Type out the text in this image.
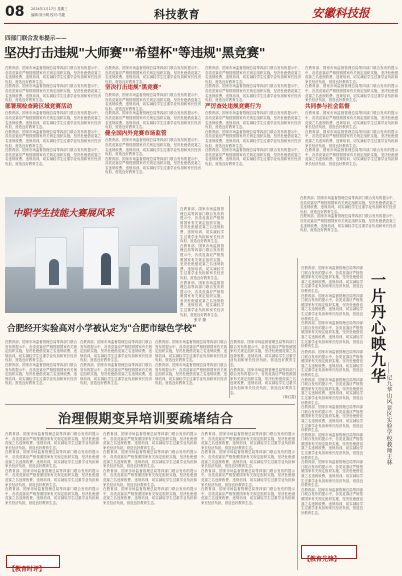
08 2024年1月17日 星期三
编辑:刘小明 校对:马婕	科技教育	安徽科技报
四部门联合发布提示——
坚决打击违规"大师赛""希望杯"等违规"黑竞赛"

在教育部、国家市场监督管理总局等四部门联合发布的提示中，各类竞赛应严格按照国家有关规定组织实施，坚决杜绝借竞赛之名违规收费、违规培训，切实减轻学生过重学业负担和家长经济负担，营造良好教育生态。

在教育部、国家市场监督管理总局等四部门联合发布的提示中，各类竞赛应严格按照国家有关规定组织实施，坚决杜绝借竞赛之名违规收费、违规培训，切实减轻学生过重学业负担和家长经济负担，营造良好教育生态。

部署现检查跨区域竞赛活动

在教育部、国家市场监督管理总局等四部门联合发布的提示中，各类竞赛应严格按照国家有关规定组织实施，坚决杜绝借竞赛之名违规收费、违规培训，切实减轻学生过重学业负担和家长经济负担，营造良好教育生态。

在教育部、国家市场监督管理总局等四部门联合发布的提示中，各类竞赛应严格按照国家有关规定组织实施，坚决杜绝借竞赛之名违规收费、违规培训，切实减轻学生过重学业负担和家长经济负担，营造良好教育生态。

在教育部、国家市场监督管理总局等四部门联合发布的提示中，各类竞赛应严格按照国家有关规定组织实施，坚决杜绝借竞赛之名违规收费、违规培训，切实减轻学生过重学业负担和家长经济负担，营造良好教育生态。

在教育部、国家市场监督管理总局等四部门联合发布的提示中，各类竞赛应严格按照国家有关规定组织实施，坚决杜绝借竞赛之名违规收费、违规培训，切实减轻学生过重学业负担和家长经济负担，营造良好教育生态。

坚决打击违规"黑竞赛"

在教育部、国家市场监督管理总局等四部门联合发布的提示中，各类竞赛应严格按照国家有关规定组织实施，坚决杜绝借竞赛之名违规收费、违规培训，切实减轻学生过重学业负担和家长经济负担，营造良好教育生态。

在教育部、国家市场监督管理总局等四部门联合发布的提示中，各类竞赛应严格按照国家有关规定组织实施，坚决杜绝借竞赛之名违规收费、违规培训，切实减轻学生过重学业负担和家长经济负担，营造良好教育生态。

健全国内外竞赛市场监管

在教育部、国家市场监督管理总局等四部门联合发布的提示中，各类竞赛应严格按照国家有关规定组织实施，坚决杜绝借竞赛之名违规收费、违规培训，切实减轻学生过重学业负担和家长经济负担，营造良好教育生态。

在教育部、国家市场监督管理总局等四部门联合发布的提示中，各类竞赛应严格按照国家有关规定组织实施，坚决杜绝借竞赛之名违规收费、违规培训，切实减轻学生过重学业负担和家长经济负担，营造良好教育生态。

在教育部、国家市场监督管理总局等四部门联合发布的提示中，各类竞赛应严格按照国家有关规定组织实施，坚决杜绝借竞赛之名违规收费、违规培训，切实减轻学生过重学业负担和家长经济负担，营造良好教育生态。

在教育部、国家市场监督管理总局等四部门联合发布的提示中，各类竞赛应严格按照国家有关规定组织实施，坚决杜绝借竞赛之名违规收费、违规培训，切实减轻学生过重学业负担和家长经济负担，营造良好教育生态。

严厉查处违规竞赛行为

在教育部、国家市场监督管理总局等四部门联合发布的提示中，各类竞赛应严格按照国家有关规定组织实施，坚决杜绝借竞赛之名违规收费、违规培训，切实减轻学生过重学业负担和家长经济负担，营造良好教育生态。

在教育部、国家市场监督管理总局等四部门联合发布的提示中，各类竞赛应严格按照国家有关规定组织实施，坚决杜绝借竞赛之名违规收费、违规培训，切实减轻学生过重学业负担和家长经济负担，营造良好教育生态。

在教育部、国家市场监督管理总局等四部门联合发布的提示中，各类竞赛应严格按照国家有关规定组织实施，坚决杜绝借竞赛之名违规收费、违规培训，切实减轻学生过重学业负担和家长经济负担，营造良好教育生态。

在教育部、国家市场监督管理总局等四部门联合发布的提示中，各类竞赛应严格按照国家有关规定组织实施，坚决杜绝借竞赛之名违规收费、违规培训，切实减轻学生过重学业负担和家长经济负担，营造良好教育生态。

在教育部、国家市场监督管理总局等四部门联合发布的提示中，各类竞赛应严格按照国家有关规定组织实施，坚决杜绝借竞赛之名违规收费、违规培训，切实减轻学生过重学业负担和家长经济负担，营造良好教育生态。

共同参与社会监督

在教育部、国家市场监督管理总局等四部门联合发布的提示中，各类竞赛应严格按照国家有关规定组织实施，坚决杜绝借竞赛之名违规收费、违规培训，切实减轻学生过重学业负担和家长经济负担，营造良好教育生态。

在教育部、国家市场监督管理总局等四部门联合发布的提示中，各类竞赛应严格按照国家有关规定组织实施，坚决杜绝借竞赛之名违规收费、违规培训，切实减轻学生过重学业负担和家长经济负担，营造良好教育生态。

在教育部、国家市场监督管理总局等四部门联合发布的提示中，各类竞赛应严格按照国家有关规定组织实施，坚决杜绝借竞赛之名违规收费、违规培训，切实减轻学生过重学业负担和家长经济负担，营造良好教育生态。

中职学生技能大赛展风采	在教育部、国家市场监督管理总局等四部门联合发布的提示中，各类竞赛应严格按照国家有关规定组织实施，坚决杜绝借竞赛之名违规收费、违规培训，切实减轻学生过重学业负担和家长经济负担，营造良好教育生态。

在教育部、国家市场监督管理总局等四部门联合发布的提示中，各类竞赛应严格按照国家有关规定组织实施，坚决杜绝借竞赛之名违规收费、违规培训，切实减轻学生过重学业负担和家长经济负担，营造良好教育生态。

在教育部、国家市场监督管理总局等四部门联合发布的提示中，各类竞赛应严格按照国家有关规定组织实施，坚决杜绝借竞赛之名违规收费、违规培训，切实减轻学生过重学业负担和家长经济负担，营造良好教育生态。

张平 摄
合肥经开实验高对小学被认定为"合肥市绿色学校"

在教育部、国家市场监督管理总局等四部门联合发布的提示中，各类竞赛应严格按照国家有关规定组织实施，坚决杜绝借竞赛之名违规收费、违规培训，切实减轻学生过重学业负担和家长经济负担，营造良好教育生态。

在教育部、国家市场监督管理总局等四部门联合发布的提示中，各类竞赛应严格按照国家有关规定组织实施，坚决杜绝借竞赛之名违规收费、违规培训，切实减轻学生过重学业负担和家长经济负担，营造良好教育生态。

在教育部、国家市场监督管理总局等四部门联合发布的提示中，各类竞赛应严格按照国家有关规定组织实施，坚决杜绝借竞赛之名违规收费、违规培训，切实减轻学生过重学业负担和家长经济负担，营造良好教育生态。

在教育部、国家市场监督管理总局等四部门联合发布的提示中，各类竞赛应严格按照国家有关规定组织实施，坚决杜绝借竞赛之名违规收费、违规培训，切实减轻学生过重学业负担和家长经济负担，营造良好教育生态。

在教育部、国家市场监督管理总局等四部门联合发布的提示中，各类竞赛应严格按照国家有关规定组织实施，坚决杜绝借竞赛之名违规收费、违规培训，切实减轻学生过重学业负担和家长经济负担，营造良好教育生态。

在教育部、国家市场监督管理总局等四部门联合发布的提示中，各类竞赛应严格按照国家有关规定组织实施，坚决杜绝借竞赛之名违规收费、违规培训，切实减轻学生过重学业负担和家长经济负担，营造良好教育生态。

在教育部、国家市场监督管理总局等四部门联合发布的提示中，各类竞赛应严格按照国家有关规定组织实施，坚决杜绝借竞赛之名违规收费、违规培训，切实减轻学生过重学业负担和家长经济负担，营造良好教育生态。

在教育部、国家市场监督管理总局等四部门联合发布的提示中，各类竞赛应严格按照国家有关规定组织实施，坚决杜绝借竞赛之名违规收费、违规培训，切实减轻学生过重学业负担和家长经济负担，营造良好教育生态。

(林红霞)

在教育部、国家市场监督管理总局等四部门联合发布的提示中，各类竞赛应严格按照国家有关规定组织实施，坚决杜绝借竞赛之名违规收费、违规培训，切实减轻学生过重学业负担和家长经济负担，营造良好教育生态。

在教育部、国家市场监督管理总局等四部门联合发布的提示中，各类竞赛应严格按照国家有关规定组织实施，坚决杜绝借竞赛之名违规收费、违规培训，切实减轻学生过重学业负担和家长经济负担，营造良好教育生态。

治理假期变异培训要疏堵结合

在教育部、国家市场监督管理总局等四部门联合发布的提示中，各类竞赛应严格按照国家有关规定组织实施，坚决杜绝借竞赛之名违规收费、违规培训，切实减轻学生过重学业负担和家长经济负担，营造良好教育生态。

在教育部、国家市场监督管理总局等四部门联合发布的提示中，各类竞赛应严格按照国家有关规定组织实施，坚决杜绝借竞赛之名违规收费、违规培训，切实减轻学生过重学业负担和家长经济负担，营造良好教育生态。

在教育部、国家市场监督管理总局等四部门联合发布的提示中，各类竞赛应严格按照国家有关规定组织实施，坚决杜绝借竞赛之名违规收费、违规培训，切实减轻学生过重学业负担和家长经济负担，营造良好教育生态。

在教育部、国家市场监督管理总局等四部门联合发布的提示中，各类竞赛应严格按照国家有关规定组织实施，坚决杜绝借竞赛之名违规收费、违规培训，切实减轻学生过重学业负担和家长经济负担，营造良好教育生态。

在教育部、国家市场监督管理总局等四部门联合发布的提示中，各类竞赛应严格按照国家有关规定组织实施，坚决杜绝借竞赛之名违规收费、违规培训，切实减轻学生过重学业负担和家长经济负担，营造良好教育生态。

在教育部、国家市场监督管理总局等四部门联合发布的提示中，各类竞赛应严格按照国家有关规定组织实施，坚决杜绝借竞赛之名违规收费、违规培训，切实减轻学生过重学业负担和家长经济负担，营造良好教育生态。

在教育部、国家市场监督管理总局等四部门联合发布的提示中，各类竞赛应严格按照国家有关规定组织实施，坚决杜绝借竞赛之名违规收费、违规培训，切实减轻学生过重学业负担和家长经济负担，营造良好教育生态。

在教育部、国家市场监督管理总局等四部门联合发布的提示中，各类竞赛应严格按照国家有关规定组织实施，坚决杜绝借竞赛之名违规收费、违规培训，切实减轻学生过重学业负担和家长经济负担，营造良好教育生态。

在教育部、国家市场监督管理总局等四部门联合发布的提示中，各类竞赛应严格按照国家有关规定组织实施，坚决杜绝借竞赛之名违规收费、违规培训，切实减轻学生过重学业负担和家长经济负担，营造良好教育生态。

在教育部、国家市场监督管理总局等四部门联合发布的提示中，各类竞赛应严格按照国家有关规定组织实施，坚决杜绝借竞赛之名违规收费、违规培训，切实减轻学生过重学业负担和家长经济负担，营造良好教育生态。

在教育部、国家市场监督管理总局等四部门联合发布的提示中，各类竞赛应严格按照国家有关规定组织实施，坚决杜绝借竞赛之名违规收费、违规培训，切实减轻学生过重学业负担和家长经济负担，营造良好教育生态。

在教育部、国家市场监督管理总局等四部门联合发布的提示中，各类竞赛应严格按照国家有关规定组织实施，坚决杜绝借竞赛之名违规收费、违规培训，切实减轻学生过重学业负担和家长经济负担，营造良好教育生态。

【教育时评】
一片丹心映九华
——记九华山风景区实验学校教师王林

在教育部、国家市场监督管理总局等四部门联合发布的提示中，各类竞赛应严格按照国家有关规定组织实施，坚决杜绝借竞赛之名违规收费、违规培训，切实减轻学生过重学业负担和家长经济负担，营造良好教育生态。

在教育部、国家市场监督管理总局等四部门联合发布的提示中，各类竞赛应严格按照国家有关规定组织实施，坚决杜绝借竞赛之名违规收费、违规培训，切实减轻学生过重学业负担和家长经济负担，营造良好教育生态。

在教育部、国家市场监督管理总局等四部门联合发布的提示中，各类竞赛应严格按照国家有关规定组织实施，坚决杜绝借竞赛之名违规收费、违规培训，切实减轻学生过重学业负担和家长经济负担，营造良好教育生态。

在教育部、国家市场监督管理总局等四部门联合发布的提示中，各类竞赛应严格按照国家有关规定组织实施，坚决杜绝借竞赛之名违规收费、违规培训，切实减轻学生过重学业负担和家长经济负担，营造良好教育生态。

在教育部、国家市场监督管理总局等四部门联合发布的提示中，各类竞赛应严格按照国家有关规定组织实施，坚决杜绝借竞赛之名违规收费、违规培训，切实减轻学生过重学业负担和家长经济负担，营造良好教育生态。

在教育部、国家市场监督管理总局等四部门联合发布的提示中，各类竞赛应严格按照国家有关规定组织实施，坚决杜绝借竞赛之名违规收费、违规培训，切实减轻学生过重学业负担和家长经济负担，营造良好教育生态。

在教育部、国家市场监督管理总局等四部门联合发布的提示中，各类竞赛应严格按照国家有关规定组织实施，坚决杜绝借竞赛之名违规收费、违规培训，切实减轻学生过重学业负担和家长经济负担，营造良好教育生态。

在教育部、国家市场监督管理总局等四部门联合发布的提示中，各类竞赛应严格按照国家有关规定组织实施，坚决杜绝借竞赛之名违规收费、违规培训，切实减轻学生过重学业负担和家长经济负担，营造良好教育生态。

在教育部、国家市场监督管理总局等四部门联合发布的提示中，各类竞赛应严格按照国家有关规定组织实施，坚决杜绝借竞赛之名违规收费、违规培训，切实减轻学生过重学业负担和家长经济负担，营造良好教育生态。

【教育先锋】
